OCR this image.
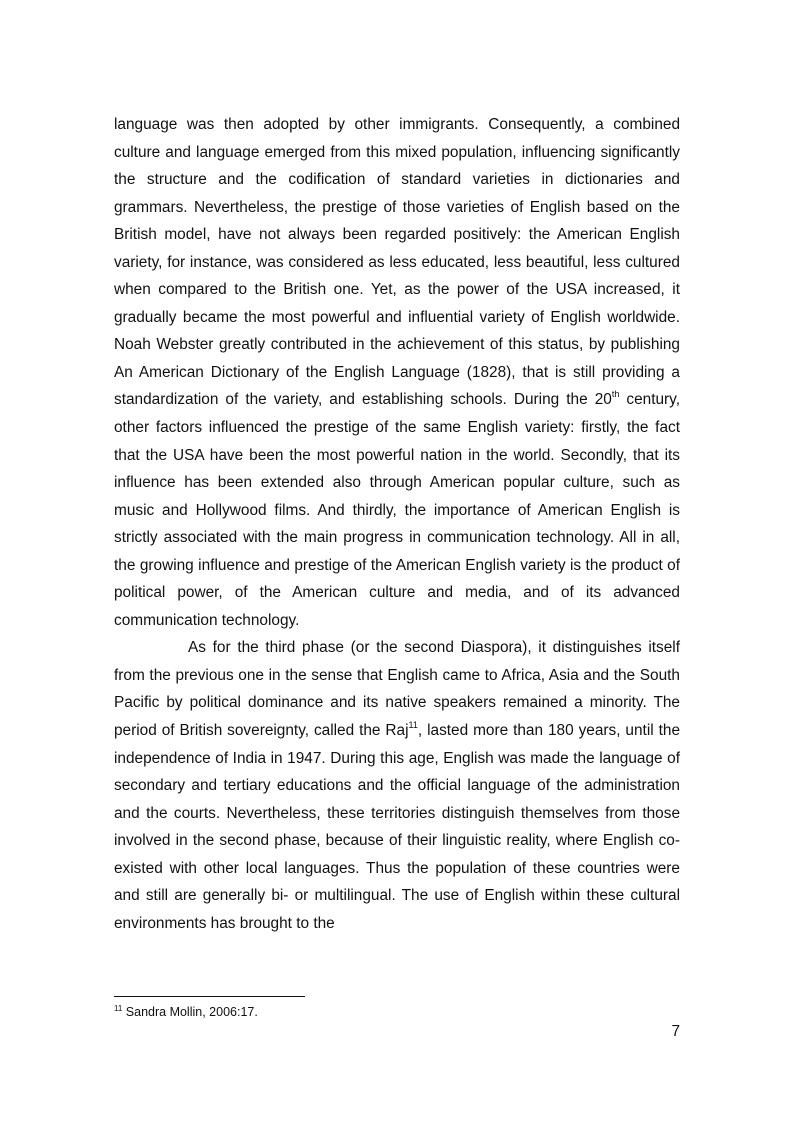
language was then adopted by other immigrants. Consequently, a combined culture and language emerged from this mixed population, influencing significantly the structure and the codification of standard varieties in dictionaries and grammars. Nevertheless, the prestige of those varieties of English based on the British model, have not always been regarded positively: the American English variety, for instance, was considered as less educated, less beautiful, less cultured when compared to the British one. Yet, as the power of the USA increased, it gradually became the most powerful and influential variety of English worldwide. Noah Webster greatly contributed in the achievement of this status, by publishing An American Dictionary of the English Language (1828), that is still providing a standardization of the variety, and establishing schools. During the 20th century, other factors influenced the prestige of the same English variety: firstly, the fact that the USA have been the most powerful nation in the world. Secondly, that its influence has been extended also through American popular culture, such as music and Hollywood films. And thirdly, the importance of American English is strictly associated with the main progress in communication technology. All in all, the growing influence and prestige of the American English variety is the product of political power, of the American culture and media, and of its advanced communication technology.

As for the third phase (or the second Diaspora), it distinguishes itself from the previous one in the sense that English came to Africa, Asia and the South Pacific by political dominance and its native speakers remained a minority. The period of British sovereignty, called the Raj$^{11}$, lasted more than 180 years, until the independence of India in 1947. During this age, English was made the language of secondary and tertiary educations and the official language of the administration and the courts. Nevertheless, these territories distinguish themselves from those involved in the second phase, because of their linguistic reality, where English co-existed with other local languages. Thus the population of these countries were and still are generally bi- or multilingual. The use of English within these cultural environments has brought to the

$^{11}$ Sandra Mollin, 2006:17.
7
